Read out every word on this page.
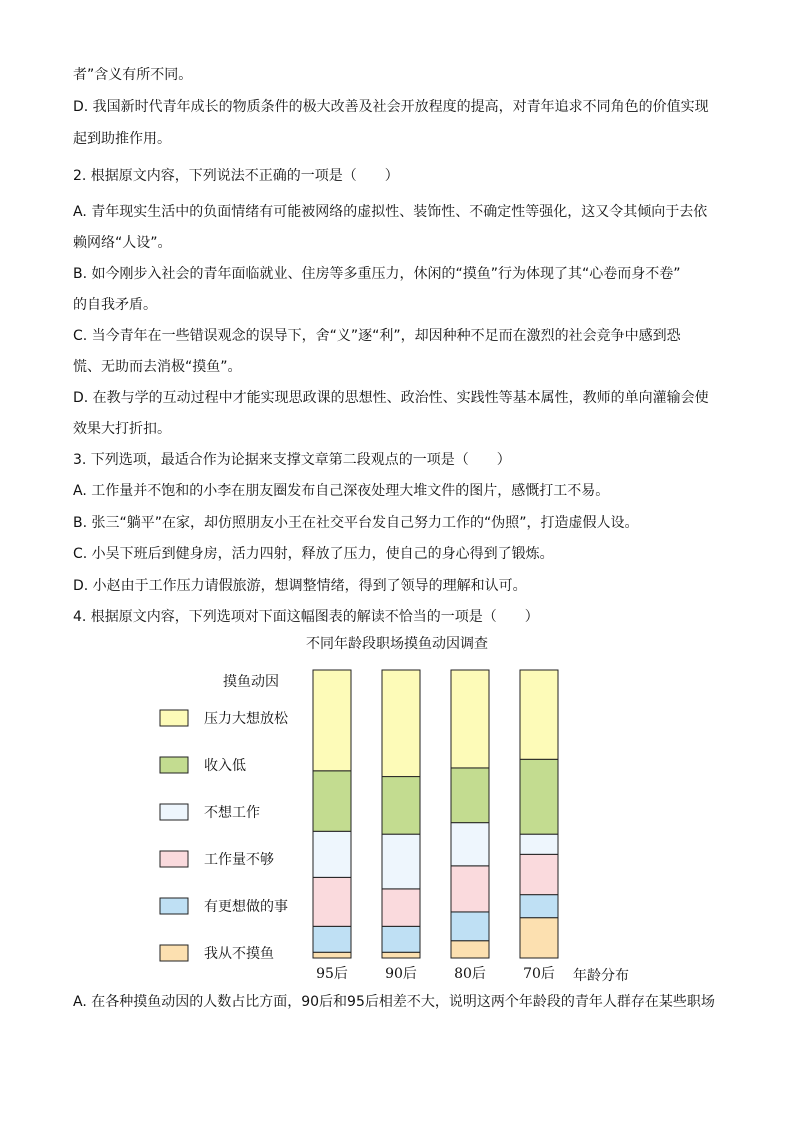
者”含义有所不同。
D. 我国新时代青年成长的物质条件的极大改善及社会开放程度的提高，对青年追求不同角色的价值实现
起到助推作用。
2. 根据原文内容，下列说法不正确的一项是（　　）
A. 青年现实生活中的负面情绪有可能被网络的虚拟性、装饰性、不确定性等强化，这又令其倾向于去依
赖网络“人设”。
B. 如今刚步入社会的青年面临就业、住房等多重压力，休闲的“摸鱼”行为体现了其“心卷而身不卷”
的自我矛盾。
C. 当今青年在一些错误观念的误导下，舍“义”逐“利”，却因种种不足而在激烈的社会竞争中感到恐
慌、无助而去消极“摸鱼”。
D. 在教与学的互动过程中才能实现思政课的思想性、政治性、实践性等基本属性，教师的单向灌输会使
效果大打折扣。
3. 下列选项，最适合作为论据来支撑文章第二段观点的一项是（　　）
A. 工作量并不饱和的小李在朋友圈发布自己深夜处理大堆文件的图片，感慨打工不易。
B. 张三“躺平”在家，却仿照朋友小王在社交平台发自己努力工作的“伪照”，打造虚假人设。
C. 小吴下班后到健身房，活力四射，释放了压力，使自己的身心得到了锻炼。
D. 小赵由于工作压力请假旅游，想调整情绪，得到了领导的理解和认可。
4. 根据原文内容，下列选项对下面这幅图表的解读不恰当的一项是（　　）
不同年龄段职场摸鱼动因调查
摸鱼动因
压力大想放松
收入低
不想工作
工作量不够
有更想做的事
我从不摸鱼
95后	90后	80后	70后 年龄分布
A. 在各种摸鱼动因的人数占比方面，90后和95后相差不大，说明这两个年龄段的青年人群存在某些职场
